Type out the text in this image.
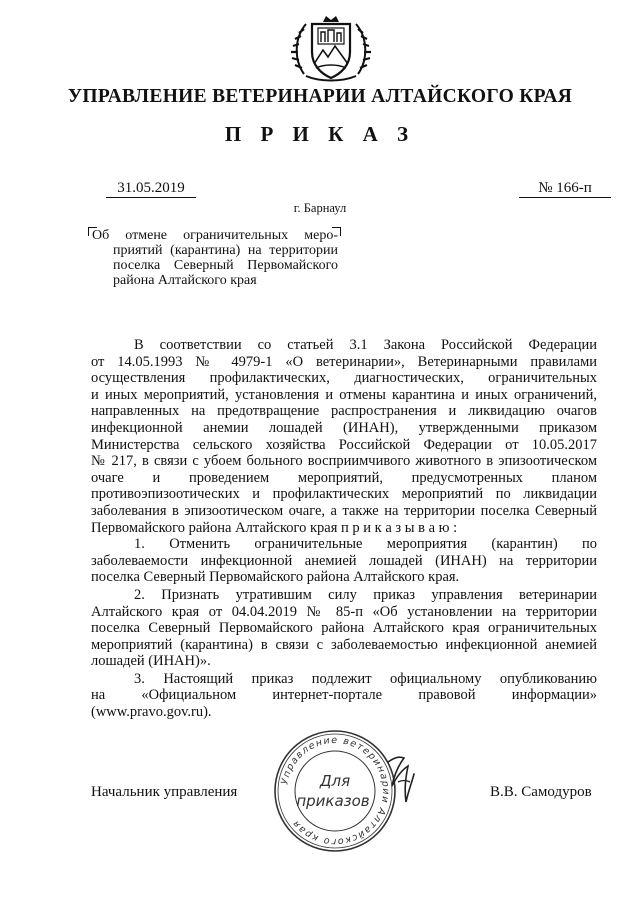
УПРАВЛЕНИЕ ВЕТЕРИНАРИИ АЛТАЙСКОГО КРАЯ
П Р И К А З
31.05.2019	№ 166-п
г. Барнаул
Об отмене ограничительных меро-
приятий (карантина) на территории
поселка Северный Первомайского
района Алтайского края
В соответствии со статьей 3.1 Закона Российской Федерации
от 14.05.1993 № 4979-1 «О ветеринарии», Ветеринарными правилами
осуществления профилактических, диагностических, ограничительных
и иных мероприятий, установления и отмены карантина и иных ограничений,
направленных на предотвращение распространения и ликвидацию очагов
инфекционной анемии лошадей (ИНАН), утвержденными приказом
Министерства сельского хозяйства Российской Федерации от 10.05.2017
№ 217, в связи с убоем больного восприимчивого животного в эпизоотическом
очаге и проведением мероприятий, предусмотренных планом
противоэпизоотических и профилактических мероприятий по ликвидации
заболевания в эпизоотическом очаге, а также на территории поселка Северный
Первомайского района Алтайского края п р и к а з ы в а ю :
1. Отменить ограничительные мероприятия (карантин) по
заболеваемости инфекционной анемией лошадей (ИНАН) на территории
поселка Северный Первомайского района Алтайского края.
2. Признать утратившим силу приказ управления ветеринарии
Алтайского края от 04.04.2019 № 85-п «Об установлении на территории
поселка Северный Первомайского района Алтайского края ограничительных
мероприятий (карантина) в связи с заболеваемостью инфекционной анемией
лошадей (ИНАН)».
3. Настоящий приказ подлежит официальному опубликованию
на «Официальном интернет-портале правовой информации»
(www.pravo.gov.ru).
Управление ветеринарии Алтайского края
Для
приказов
Начальник управления	В.В. Самодуров
